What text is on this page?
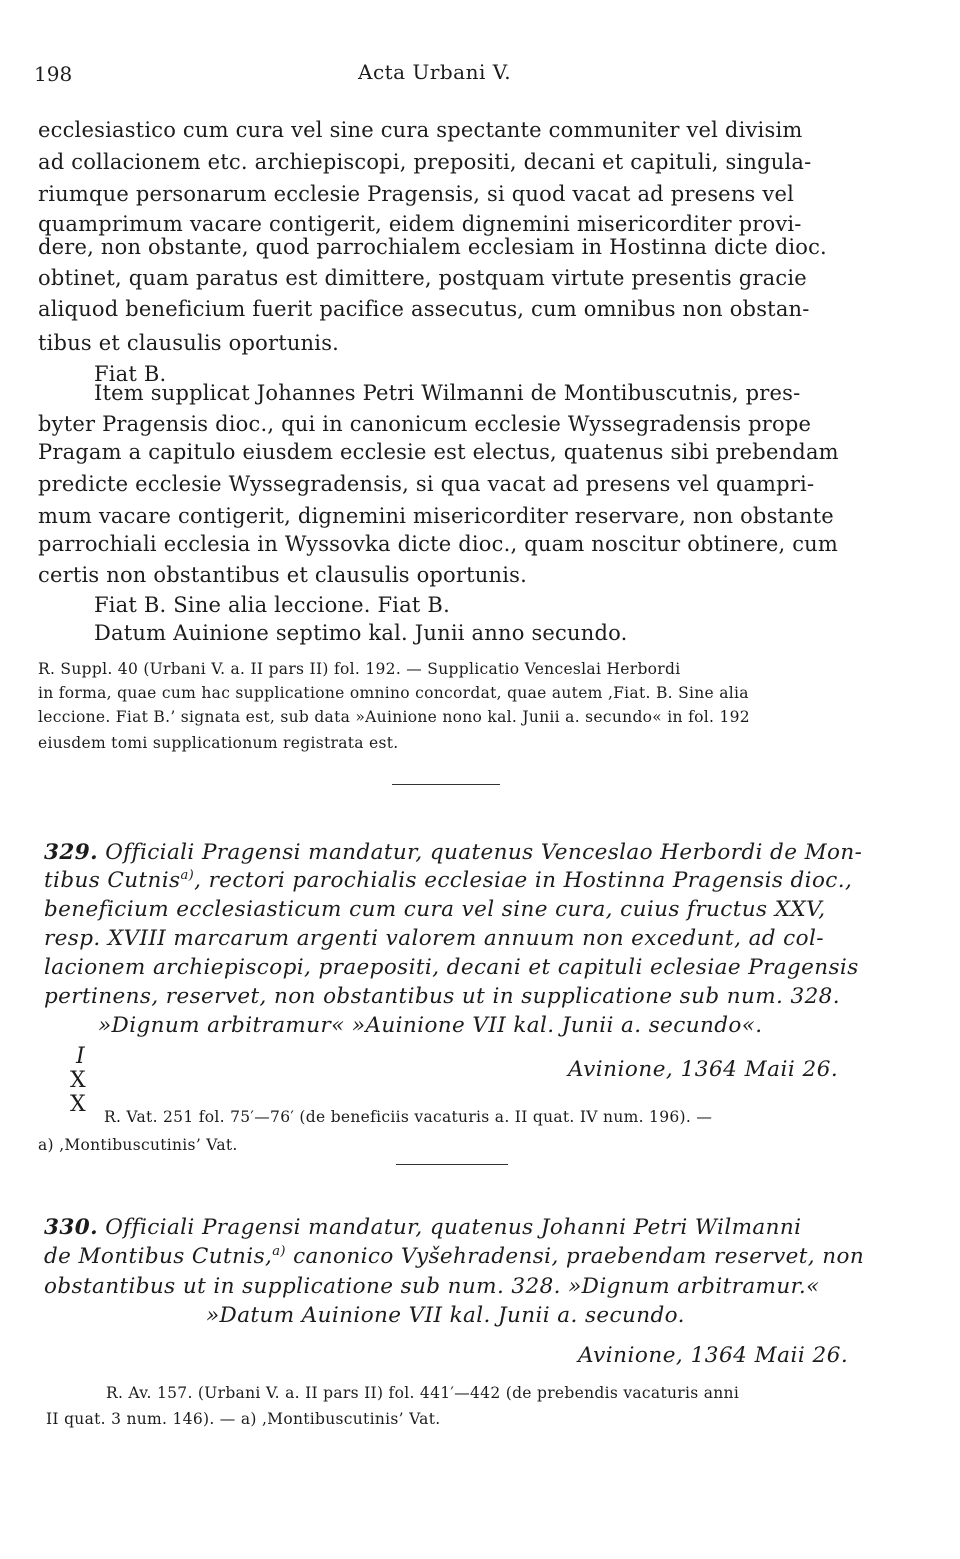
198	Acta Urbani V.
ecclesiastico cum cura vel sine cura spectante communiter vel divisim
ad collacionem etc. archiepiscopi, prepositi, decani et capituli, singula-
riumque personarum ecclesie Pragensis, si quod vacat ad presens vel
quamprimum vacare contigerit, eidem dignemini misericorditer provi-
dere, non obstante, quod parrochialem ecclesiam in Hostinna dicte dioc.
obtinet, quam paratus est dimittere, postquam virtute presentis gracie
aliquod beneficium fuerit pacifice assecutus, cum omnibus non obstan-
tibus et clausulis oportunis.
Fiat B.
Item supplicat Johannes Petri Wilmanni de Montibuscutnis, pres-
byter Pragensis dioc., qui in canonicum ecclesie Wyssegradensis prope
Pragam a capitulo eiusdem ecclesie est electus, quatenus sibi prebendam
predicte ecclesie Wyssegradensis, si qua vacat ad presens vel quampri-
mum vacare contigerit, dignemini misericorditer reservare, non obstante
parrochiali ecclesia in Wyssovka dicte dioc., quam noscitur obtinere, cum
certis non obstantibus et clausulis oportunis.
Fiat B. Sine alia leccione. Fiat B.
Datum Auinione septimo kal. Junii anno secundo.
R. Suppl. 40 (Urbani V. a. II pars II) fol. 192. — Supplicatio Venceslai Herbordi
in forma, quae cum hac supplicatione omnino concordat, quae autem ‚Fiat. B. Sine alia
leccione. Fiat B.’ signata est, sub data »Auinione nono kal. Junii a. secundo« in fol. 192
eiusdem tomi supplicationum registrata est.
329. Officiali Pragensi mandatur, quatenus Venceslao Herbordi de Mon-
tibus Cutnis$^{a)}$, rectori parochialis ecclesiae in Hostinna Pragensis dioc.,
beneficium ecclesiasticum cum cura vel sine cura, cuius fructus XXV,
resp. XVIII marcarum argenti valorem annuum non excedunt, ad col-
lacionem archiepiscopi, praepositi, decani et capituli eclesiae Pragensis
pertinens, reservet, non obstantibus ut in supplicatione sub num. 328.
»Dignum arbitramur« »Auinione VII kal. Junii a. secundo«.
I
X
X
Avinione, 1364 Maii 26.
R. Vat. 251 fol. 75′—76′ (de beneficiis vacaturis a. II quat. IV num. 196). —
a) ‚Montibuscutinis’ Vat.
330. Officiali Pragensi mandatur, quatenus Johanni Petri Wilmanni
de Montibus Cutnis,$^{a)}$ canonico Vyšehradensi, praebendam reservet, non
obstantibus ut in supplicatione sub num. 328. »Dignum arbitramur.«
»Datum Auinione VII kal. Junii a. secundo.
Avinione, 1364 Maii 26.
R. Av. 157. (Urbani V. a. II pars II) fol. 441′—442 (de prebendis vacaturis anni
II quat. 3 num. 146). — a) ‚Montibuscutinis’ Vat.
